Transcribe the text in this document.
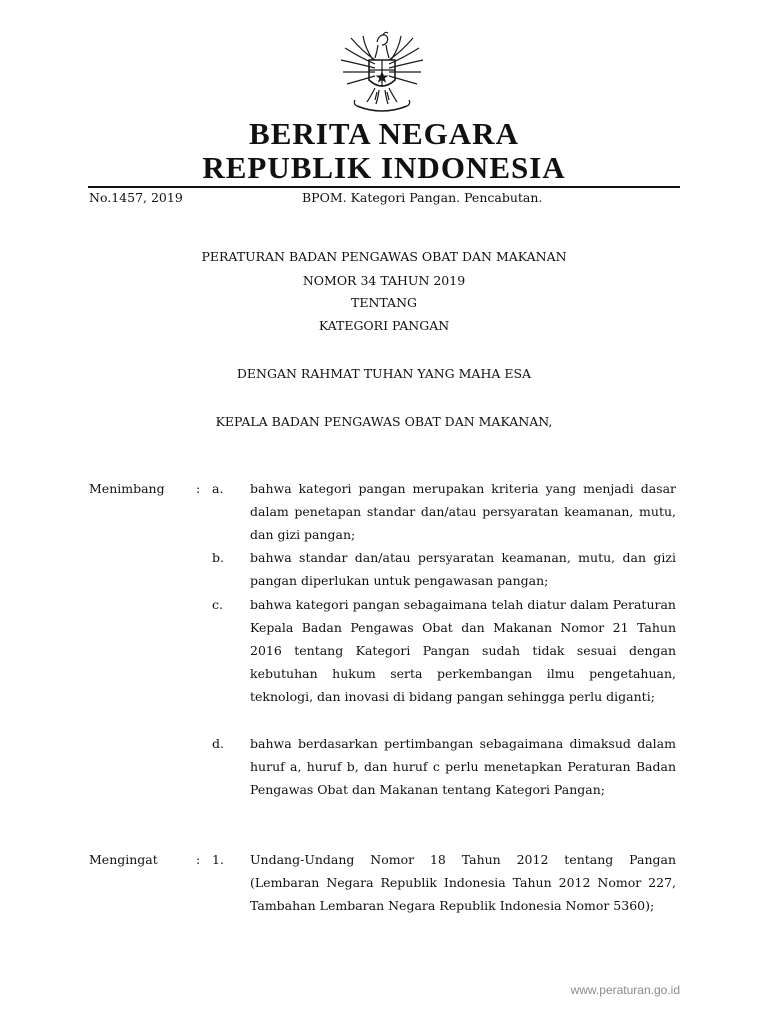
BERITA NEGARA
REPUBLIK INDONESIA
No.1457, 2019	BPOM. Kategori Pangan. Pencabutan.
PERATURAN BADAN PENGAWAS OBAT DAN MAKANAN
NOMOR 34 TAHUN 2019
TENTANG
KATEGORI PANGAN
DENGAN RAHMAT TUHAN YANG MAHA ESA
KEPALA BADAN PENGAWAS OBAT DAN MAKANAN,
Menimbang	: a.	bahwa kategori pangan merupakan kriteria yang menjadi dasar dalam penetapan standar dan/atau persyaratan keamanan, mutu, dan gizi pangan;
b.	bahwa standar dan/atau persyaratan keamanan, mutu, dan gizi pangan diperlukan untuk pengawasan pangan;
c.	bahwa kategori pangan sebagaimana telah diatur dalam Peraturan Kepala Badan Pengawas Obat dan Makanan Nomor 21 Tahun 2016 tentang Kategori Pangan sudah tidak sesuai dengan kebutuhan hukum serta perkembangan ilmu pengetahuan, teknologi, dan inovasi di bidang pangan sehingga perlu diganti;
d.	bahwa berdasarkan pertimbangan sebagaimana dimaksud dalam huruf a, huruf b, dan huruf c perlu menetapkan Peraturan Badan Pengawas Obat dan Makanan tentang Kategori Pangan;
Mengingat	: 1.	Undang-Undang Nomor 18 Tahun 2012 tentang Pangan (Lembaran Negara Republik Indonesia Tahun 2012 Nomor 227, Tambahan Lembaran Negara Republik Indonesia Nomor 5360);
www.peraturan.go.id
